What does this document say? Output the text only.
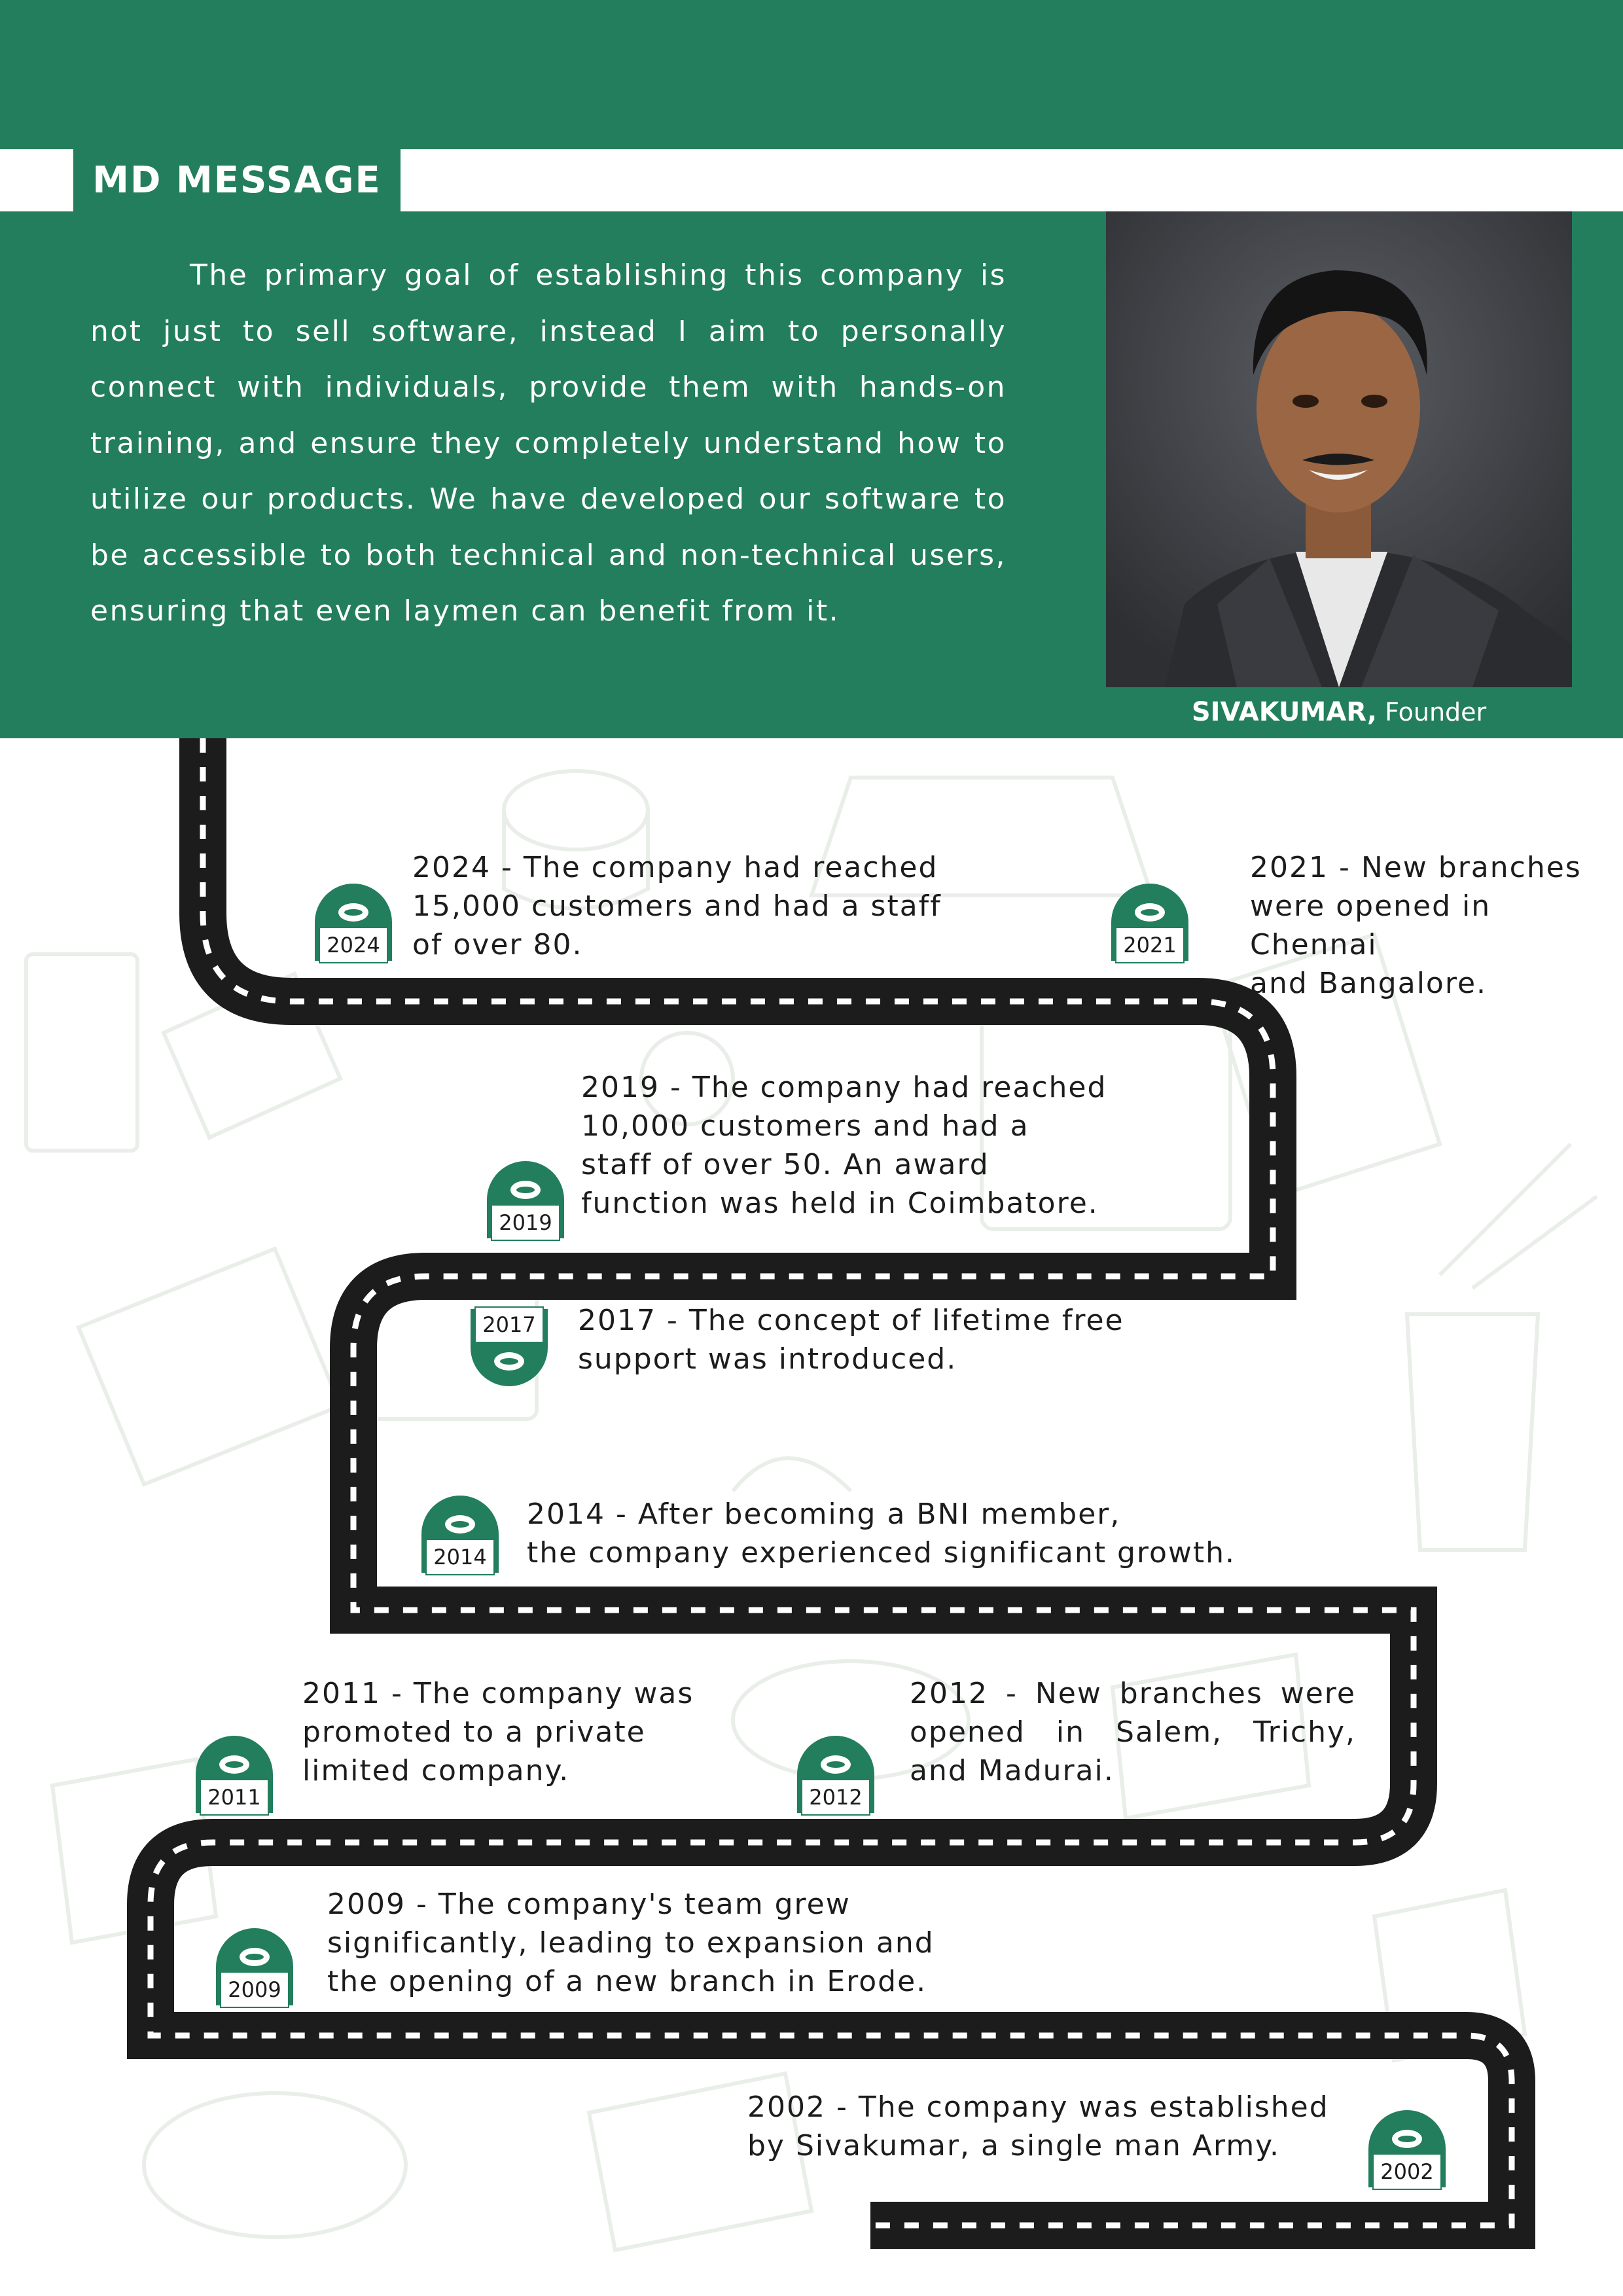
MD MESSAGE
The primary goal of establishing this company is not just to sell software, instead I aim to personally connect with individuals, provide them with hands-on training, and ensure they completely understand how to utilize our products. We have developed our software to be accessible to both technical and non-technical users, ensuring that even laymen can benefit from it.
SIVAKUMAR, Founder
2024 - The company had reached
15,000 customers and had a staff
of over 80.
2024
2021 - New branches
were opened in Chennai
and Bangalore.
2021
2019 - The company had reached
10,000 customers and had a
staff of over 50. An award
function was held in Coimbatore.
2019
2017 - The concept of lifetime free
support was introduced.
2017
2014 - After becoming a BNI member,
the company experienced significant growth.
2014
2011 - The company was
promoted to a private
limited company.
2011
2012 - New branches were
opened in Salem, Trichy,
and Madurai.
2012
2009 - The company's team grew
significantly, leading to expansion and
the opening of a new branch in Erode.
2009
2002 - The company was established
by Sivakumar, a single man Army.
2002
